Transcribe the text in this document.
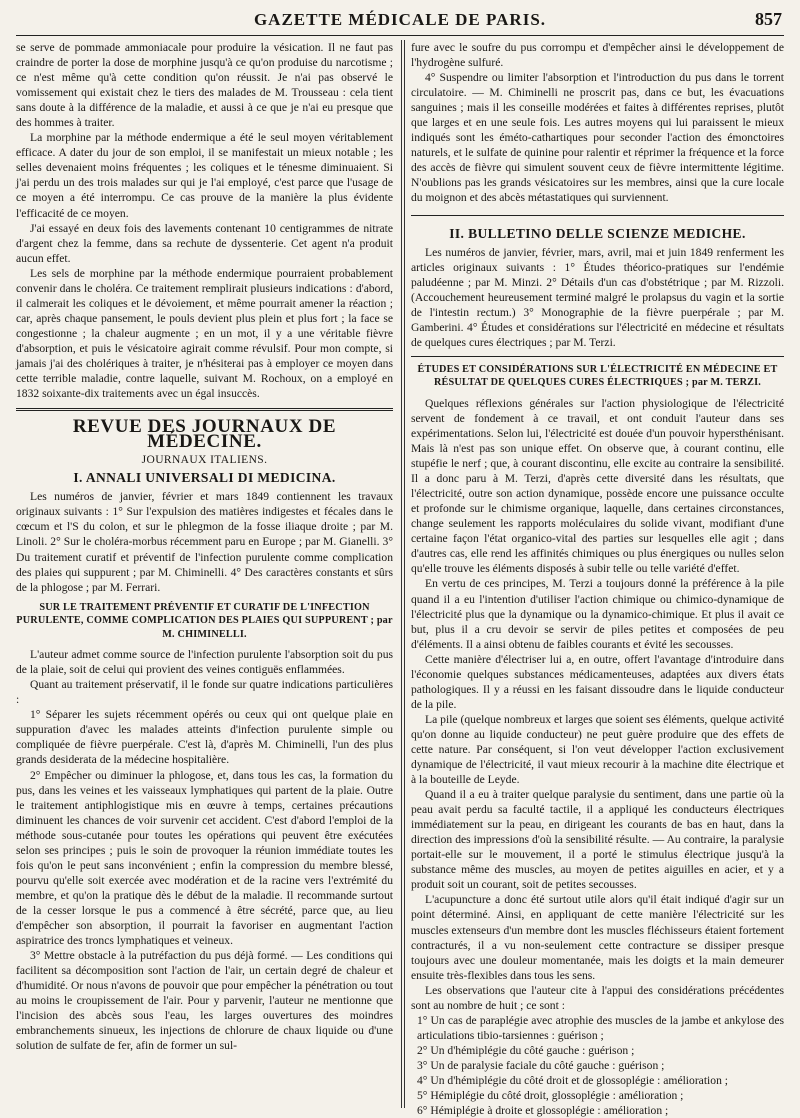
GAZETTE MÉDICALE DE PARIS.	857

se serve de pommade ammoniacale pour produire la vésication. Il ne faut pas craindre de porter la dose de morphine jusqu'à ce qu'on produise du narcotisme ; ce n'est même qu'à cette condition qu'on réussit. Je n'ai pas observé le vomissement qui existait chez le tiers des malades de M. Trousseau : cela tient sans doute à la différence de la maladie, et aussi à ce que je n'ai eu presque que des hommes à traiter.

La morphine par la méthode endermique a été le seul moyen véritablement efficace. A dater du jour de son emploi, il se manifestait un mieux notable ; les selles devenaient moins fréquentes ; les coliques et le ténesme diminuaient. Si j'ai perdu un des trois malades sur qui je l'ai employé, c'est parce que l'usage de ce moyen a été interrompu. Ce cas prouve de la manière la plus évidente l'efficacité de ce moyen.

J'ai essayé en deux fois des lavements contenant 10 centigrammes de nitrate d'argent chez la femme, dans sa rechute de dyssenterie. Cet agent n'a produit aucun effet.

Les sels de morphine par la méthode endermique pourraient probablement convenir dans le choléra. Ce traitement remplirait plusieurs indications : d'abord, il calmerait les coliques et le dévoiement, et même pourrait amener la réaction ; car, après chaque pansement, le pouls devient plus plein et plus fort ; la face se congestionne ; la chaleur augmente ; en un mot, il y a une véritable fièvre d'absorption, et puis le vésicatoire agirait comme révulsif. Pour mon compte, si jamais j'ai des cholériques à traiter, je n'hésiterai pas à employer ce moyen dans cette terrible maladie, contre laquelle, suivant M. Rochoux, on a employé en 1832 soixante-dix traitements avec un égal insuccès.

REVUE DES JOURNAUX DE MÉDECINE.
JOURNAUX ITALIENS.
I. ANNALI UNIVERSALI DI MEDICINA.

Les numéros de janvier, février et mars 1849 contiennent les travaux originaux suivants : 1° Sur l'expulsion des matières indigestes et fécales dans le cœcum et l'S du colon, et sur le phlegmon de la fosse iliaque droite ; par M. Linoli. 2° Sur le choléra-morbus récemment paru en Europe ; par M. Gianelli. 3° Du traitement curatif et préventif de l'infection purulente comme complication des plaies qui suppurent ; par M. Chiminelli. 4° Des caractères constants et sûrs de la phlogose ; par M. Ferrari.

SUR LE TRAITEMENT PRÉVENTIF ET CURATIF DE L'INFECTION PURULENTE, COMME COMPLICATION DES PLAIES QUI SUPPURENT ; par M. CHIMINELLI.

L'auteur admet comme source de l'infection purulente l'absorption soit du pus de la plaie, soit de celui qui provient des veines contiguës enflammées.

Quant au traitement préservatif, il le fonde sur quatre indications particulières :

1° Séparer les sujets récemment opérés ou ceux qui ont quelque plaie en suppuration d'avec les malades atteints d'infection purulente simple ou compliquée de fièvre puerpérale. C'est là, d'après M. Chiminelli, l'un des plus grands desiderata de la médecine hospitalière.

2° Empêcher ou diminuer la phlogose, et, dans tous les cas, la formation du pus, dans les veines et les vaisseaux lymphatiques qui partent de la plaie. Outre le traitement antiphlogistique mis en œuvre à temps, certaines précautions diminuent les chances de voir survenir cet accident. C'est d'abord l'emploi de la méthode sous-cutanée pour toutes les opérations qui peuvent être exécutées selon ses principes ; puis le soin de provoquer la réunion immédiate toutes les fois qu'on le peut sans inconvénient ; enfin la compression du membre blessé, pourvu qu'elle soit exercée avec modération et de la racine vers l'extrémité du membre, et qu'on la pratique dès le début de la maladie. Il recommande surtout de la cesser lorsque le pus a commencé à être sécrété, parce que, au lieu d'empêcher son absorption, il pourrait la favoriser en augmentant l'action aspiratrice des troncs lymphatiques et veineux.

3° Mettre obstacle à la putréfaction du pus déjà formé. — Les conditions qui facilitent sa décomposition sont l'action de l'air, un certain degré de chaleur et d'humidité. Or nous n'avons de pouvoir que pour empêcher la pénétration ou tout au moins le croupissement de l'air. Pour y parvenir, l'auteur ne mentionne que l'incision des abcès sous l'eau, les larges ouvertures des moindres embranchements sinueux, les injections de chlorure de chaux liquide ou d'une solution de sulfate de fer, afin de former un sul-

fure avec le soufre du pus corrompu et d'empêcher ainsi le développement de l'hydrogène sulfuré.

4° Suspendre ou limiter l'absorption et l'introduction du pus dans le torrent circulatoire. — M. Chiminelli ne proscrit pas, dans ce but, les évacuations sanguines ; mais il les conseille modérées et faites à différentes reprises, plutôt que larges et en une seule fois. Les autres moyens qui lui paraissent le mieux indiqués sont les éméto-cathartiques pour seconder l'action des émonctoires naturels, et le sulfate de quinine pour ralentir et réprimer la fréquence et la force des accès de fièvre qui simulent souvent ceux de fièvre intermittente légitime. N'oublions pas les grands vésicatoires sur les membres, ainsi que la cure locale du moignon et des abcès métastatiques qui surviennent.

II. BULLETINO DELLE SCIENZE MEDICHE.

Les numéros de janvier, février, mars, avril, mai et juin 1849 renferment les articles originaux suivants : 1° Études théorico-pratiques sur l'endémie paludéenne ; par M. Minzi. 2° Détails d'un cas d'obstétrique ; par M. Rizzoli. (Accouchement heureusement terminé malgré le prolapsus du vagin et la sortie de l'intestin rectum.) 3° Monographie de la fièvre puerpérale ; par M. Gamberini. 4° Études et considérations sur l'électricité en médecine et résultats de quelques cures électriques ; par M. Terzi.

ÉTUDES ET CONSIDÉRATIONS SUR L'ÉLECTRICITÉ EN MÉDECINE ET RÉSULTAT DE QUELQUES CURES ÉLECTRIQUES ; par M. TERZI.

Quelques réflexions générales sur l'action physiologique de l'électricité servent de fondement à ce travail, et ont conduit l'auteur dans ses expérimentations. Selon lui, l'électricité est douée d'un pouvoir hypersthénisant. Mais là n'est pas son unique effet. On observe que, à courant continu, elle stupéfie le nerf ; que, à courant discontinu, elle excite au contraire la sensibilité. Il a donc paru à M. Terzi, d'après cette diversité dans les résultats, que l'électricité, outre son action dynamique, possède encore une puissance occulte et profonde sur le chimisme organique, laquelle, dans certaines circonstances, change seulement les rapports moléculaires du solide vivant, modifiant d'une certaine façon l'état organico-vital des parties sur lesquelles elle agit ; dans d'autres cas, elle rend les affinités chimiques ou plus énergiques ou nulles selon qu'elle trouve les éléments disposés à subir telle ou telle variété d'effet.

En vertu de ces principes, M. Terzi a toujours donné la préférence à la pile quand il a eu l'intention d'utiliser l'action chimique ou chimico-dynamique de l'électricité plus que la dynamique ou la dynamico-chimique. Et plus il avait ce but, plus il a cru devoir se servir de piles petites et composées de peu d'éléments. Il a ainsi obtenu de faibles courants et évité les secousses.

Cette manière d'électriser lui a, en outre, offert l'avantage d'introduire dans l'économie quelques substances médicamenteuses, adaptées aux divers états pathologiques. Il y a réussi en les faisant dissoudre dans le liquide conducteur de la pile.

La pile (quelque nombreux et larges que soient ses éléments, quelque activité qu'on donne au liquide conducteur) ne peut guère produire que des effets de cette nature. Par conséquent, si l'on veut développer l'action exclusivement dynamique de l'électricité, il vaut mieux recourir à la machine dite électrique et à la bouteille de Leyde.

Quand il a eu à traiter quelque paralysie du sentiment, dans une partie où la peau avait perdu sa faculté tactile, il a appliqué les conducteurs électriques immédiatement sur la peau, en dirigeant les courants de bas en haut, dans la direction des impressions d'où la sensibilité résulte. — Au contraire, la paralysie portait-elle sur le mouvement, il a porté le stimulus électrique jusqu'à la substance même des muscles, au moyen de petites aiguilles en acier, et y a produit soit un courant, soit de petites secousses.

L'acupuncture a donc été surtout utile alors qu'il était indiqué d'agir sur un point déterminé. Ainsi, en appliquant de cette manière l'électricité sur les muscles extenseurs d'un membre dont les muscles fléchisseurs étaient fortement contracturés, il a vu non-seulement cette contracture se dissiper presque toujours avec une douleur momentanée, mais les doigts et la main demeurer ensuite très-flexibles dans tous les sens.

Les observations que l'auteur cite à l'appui des considérations précédentes sont au nombre de huit ; ce sont :

1° Un cas de paraplégie avec atrophie des muscles de la jambe et ankylose des articulations tibio-tarsiennes : guérison ;

2° Un d'hémiplégie du côté gauche : guérison ;

3° Un de paralysie faciale du côté gauche : guérison ;

4° Un d'hémiplégie du côté droit et de glossoplégie : amélioration ;

5° Hémiplégie du côté droit, glossoplégie : amélioration ;

6° Hémiplégie à droite et glossoplégie : amélioration ;
